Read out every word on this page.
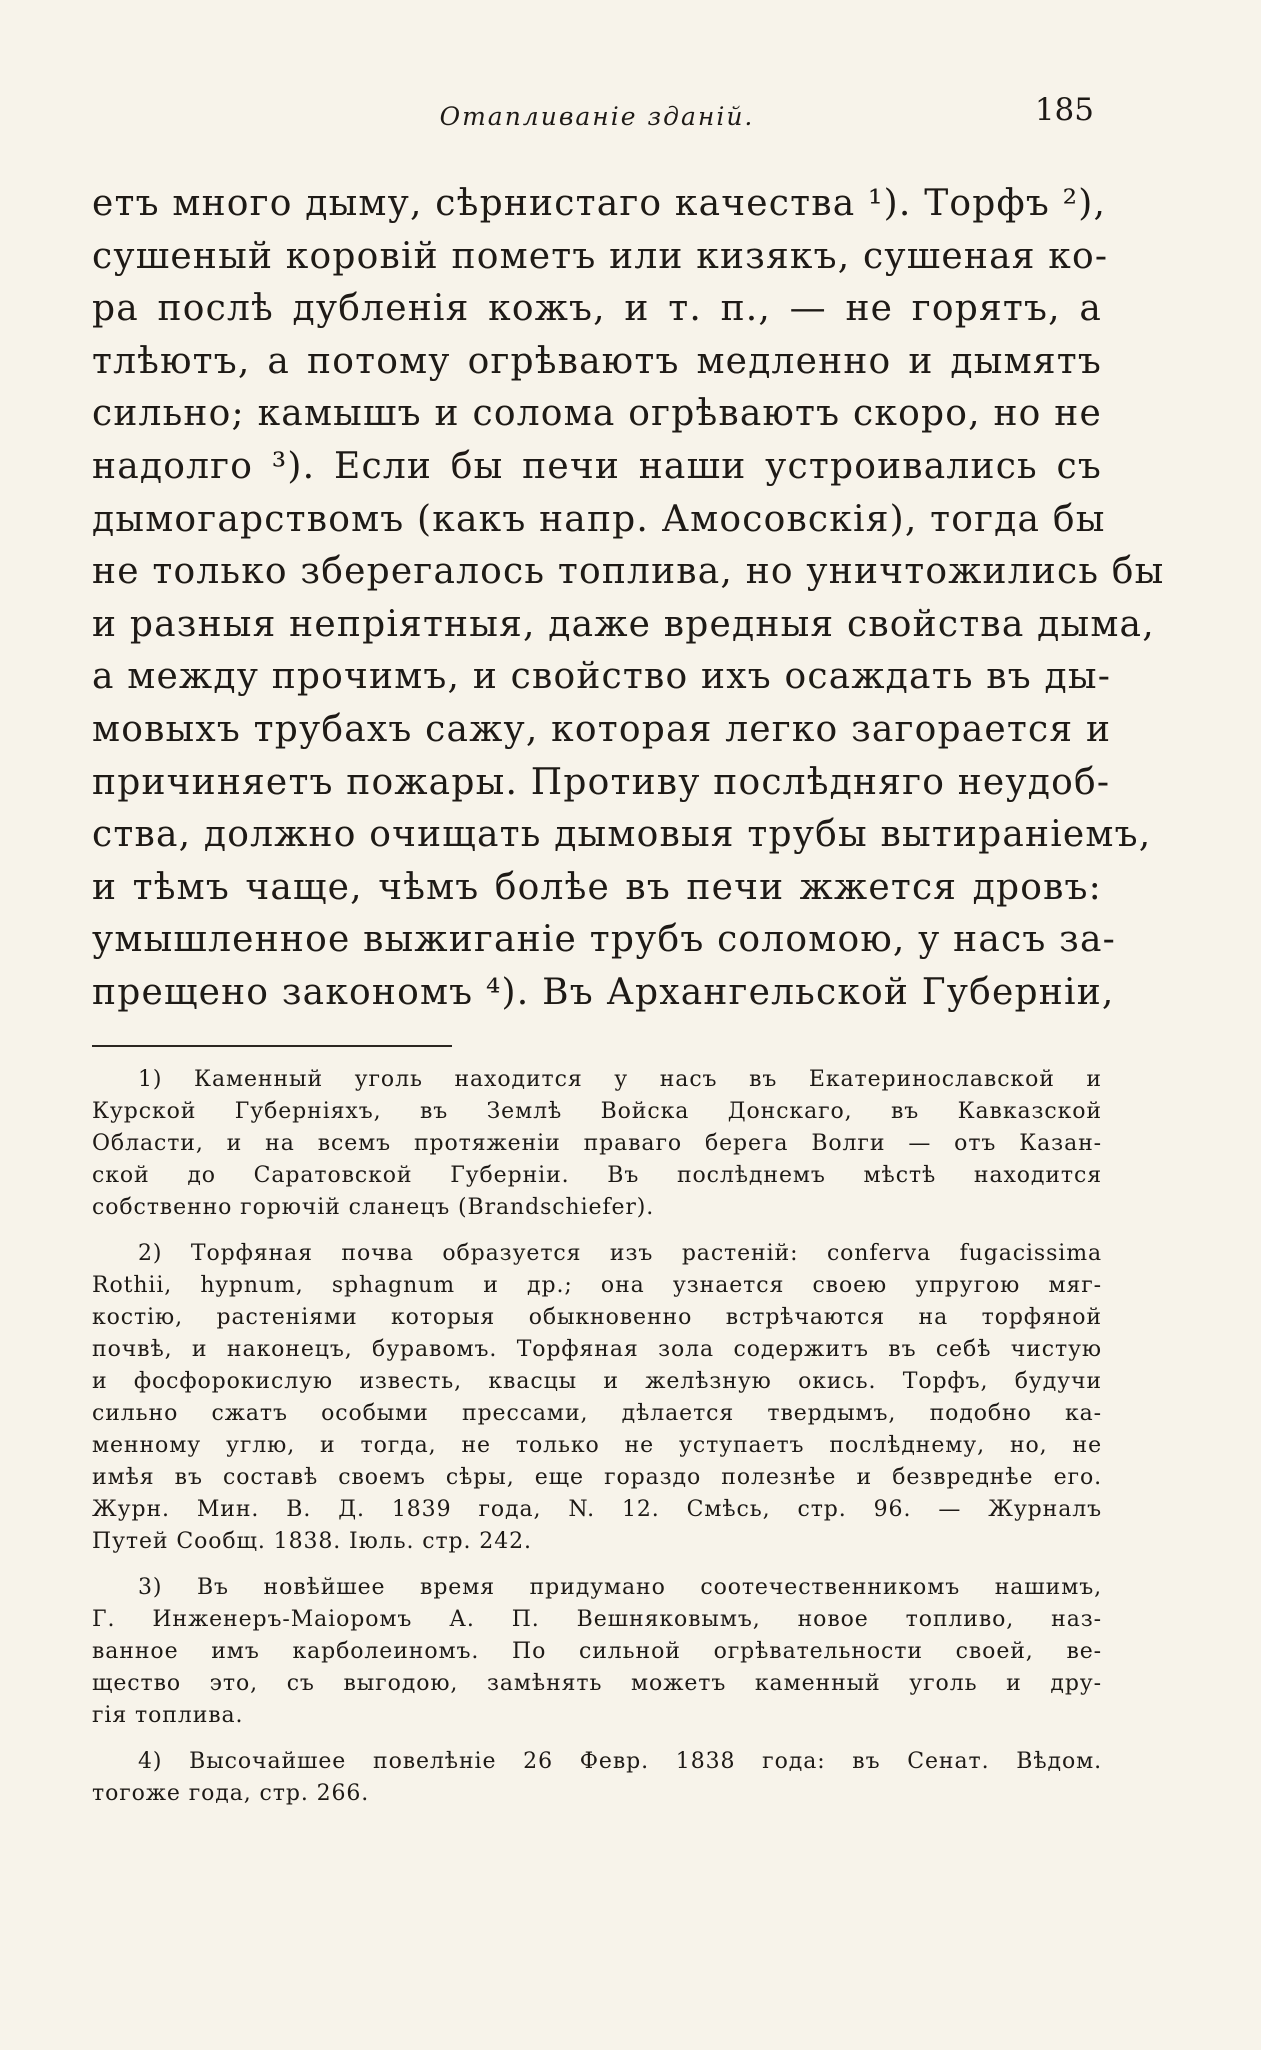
Отапливаніе зданій.	185
етъ много дыму, сѣрнистаго качества ¹). Торфъ ²),
сушеный коровій пометъ или кизякъ, сушеная ко-
ра послѣ дубленія кожъ, и т. п., — не горятъ, а
тлѣютъ, а потому огрѣваютъ медленно и дымятъ
сильно; камышъ и солома огрѣваютъ скоро, но не
надолго ³). Если бы печи наши устроивались съ
дымогарствомъ (какъ напр. Амосовскія), тогда бы
не только зберегалось топлива, но уничтожились бы
и разныя непріятныя, даже вредныя свойства дыма,
а между прочимъ, и свойство ихъ осаждать въ ды-
мовыхъ трубахъ сажу, которая легко загорается и
причиняетъ пожары. Противу послѣдняго неудоб-
ства, должно очищать дымовыя трубы вытираніемъ,
и тѣмъ чаще, чѣмъ болѣе въ печи жжется дровъ:
умышленное выжиганіе трубъ соломою, у насъ за-
прещено закономъ ⁴). Въ Архангельской Губерніи,
1) Каменный уголь находится у насъ въ Екатеринославской и
Курской Губерніяхъ, въ Землѣ Войска Донскаго, въ Кавказской
Области, и на всемъ протяженіи праваго берега Волги — отъ Казан-
ской до Саратовской Губерніи. Въ послѣднемъ мѣстѣ находится
собственно горючій сланецъ (Brandschiefer).
2) Торфяная почва образуется изъ растеній: conferva fugacissima
Rothii, hypnum, sphagnum и др.; она узнается своею упругою мяг-
костію, растеніями которыя обыкновенно встрѣчаются на торфяной
почвѣ, и наконецъ, буравомъ. Торфяная зола содержитъ въ себѣ чистую
и фосфорокислую известь, квасцы и желѣзную окись. Торфъ, будучи
сильно сжатъ особыми прессами, дѣлается твердымъ, подобно ка-
менному углю, и тогда, не только не уступаетъ послѣднему, но, не
имѣя въ составѣ своемъ сѣры, еще гораздо полезнѣе и безвреднѣе его.
Журн. Мин. В. Д. 1839 года, N. 12. Смѣсь, стр. 96. — Журналъ
Путей Сообщ. 1838. Іюль. стр. 242.
3) Въ новѣйшее время придумано соотечественникомъ нашимъ,
Г. Инженеръ-Маіоромъ А. П. Вешняковымъ, новое топливо, наз-
ванное имъ карболеиномъ. По сильной огрѣвательности своей, ве-
щество это, съ выгодою, замѣнять можетъ каменный уголь и дру-
гія топлива.
4) Высочайшее повелѣніе 26 Февр. 1838 года: въ Сенат. Вѣдом.
тогоже года, стр. 266.
